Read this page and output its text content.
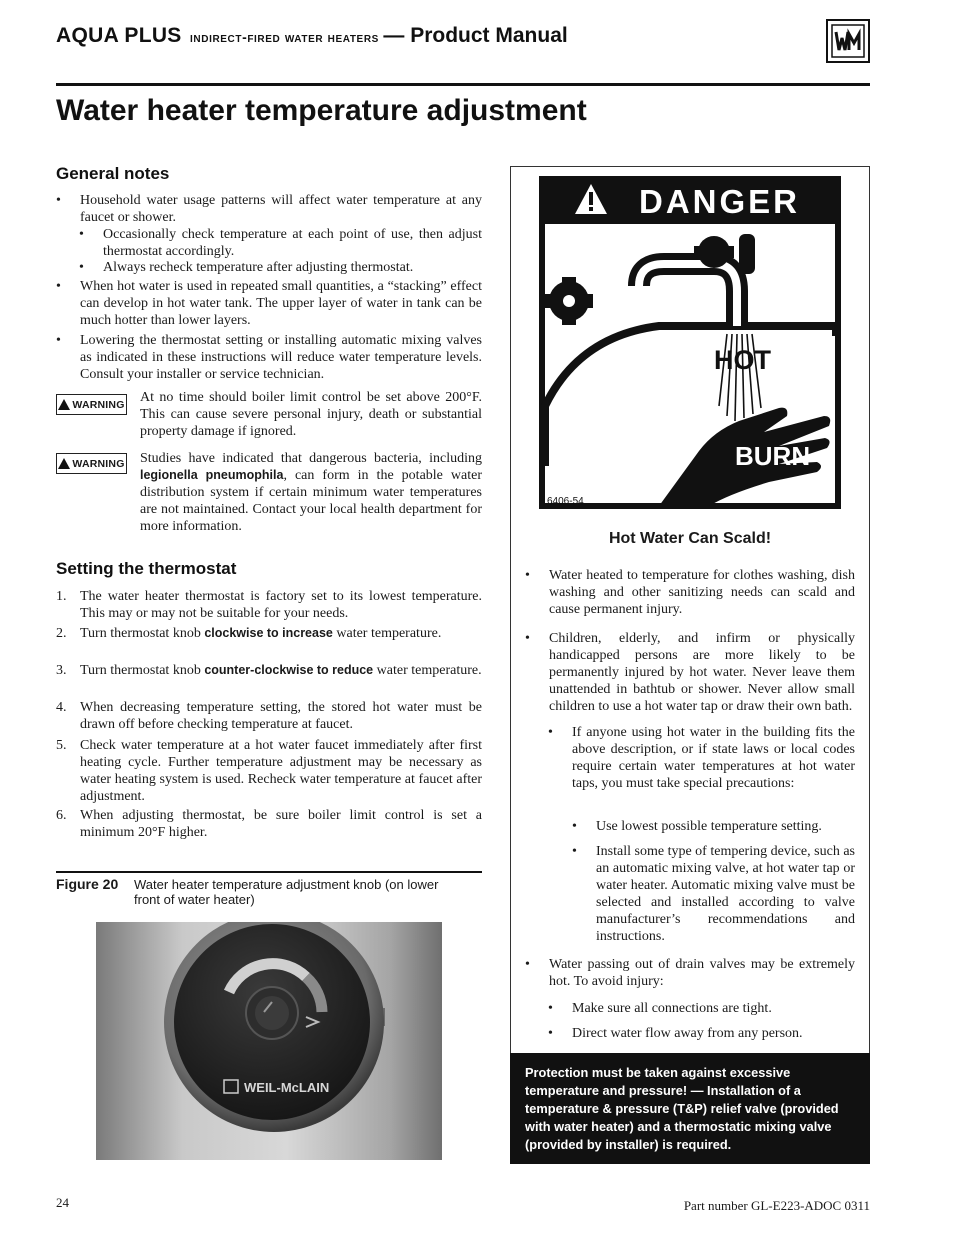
AQUA PLUS indirect-fired water heaters — Product Manual
Water heater temperature adjustment
General notes
• Household water usage patterns will affect water temperature at any faucet or shower.
• Occasionally check temperature at each point of use, then adjust thermostat accordingly.
• Always recheck temperature after adjusting thermostat.
• When hot water is used in repeated small quantities, a “stacking” effect can develop in hot water tank. The upper layer of water in tank can be much hotter than lower layers.
• Lowering the thermostat setting or installing automatic mixing valves as indicated in these instructions will reduce water temperature levels. Consult your installer or service technician.
WARNING At no time should boiler limit control be set above 200°F. This can cause severe personal injury, death or substantial property damage if ignored.
WARNING Studies have indicated that dangerous bacteria, including legionella pneumophila, can form in the potable water distribution system if certain minimum water temperatures are not maintained. Contact your local health department for more information.
Setting the thermostat
1. The water heater thermostat is factory set to its lowest temperature. This may or may not be suitable for your needs.
2. Turn thermostat knob clockwise to increase water temperature.
3. Turn thermostat knob counter-clockwise to reduce water temperature.
4. When decreasing temperature setting, the stored hot water must be drawn off before checking temperature at faucet.
5. Check water temperature at a hot water faucet immediately after first heating cycle. Further temperature adjustment may be necessary as water heating system is used. Recheck water temperature at faucet after adjustment.
6. When adjusting thermostat, be sure boiler limit control is set a minimum 20°F higher.
Figure 20 Water heater temperature adjustment knob (on lower front of water heater)
WEIL-McLAIN
DANGER
HOT
BURN
6406-54
Hot Water Can Scald!
• Water heated to temperature for clothes washing, dish washing and other sanitizing needs can scald and cause permanent injury.
• Children, elderly, and infirm or physically handicapped persons are more likely to be permanently injured by hot water. Never leave them unattended in bathtub or shower. Never allow small children to use a hot water tap or draw their own bath.
• If anyone using hot water in the building fits the above description, or if state laws or local codes require certain water temperatures at hot water taps, you must take special precautions:
• Use lowest possible temperature setting.
• Install some type of tempering device, such as an automatic mixing valve, at hot water tap or water heater. Automatic mixing valve must be selected and installed according to valve manufacturer’s recommendations and instructions.
• Water passing out of drain valves may be extremely hot. To avoid injury:
• Make sure all connections are tight.
• Direct water flow away from any person.
Protection must be taken against excessive temperature and pressure! — Installation of a temperature & pressure (T&P) relief valve (provided with water heater) and a thermostatic mixing valve (provided by installer) is required.
24	Part number GL-E223-ADOC 0311
